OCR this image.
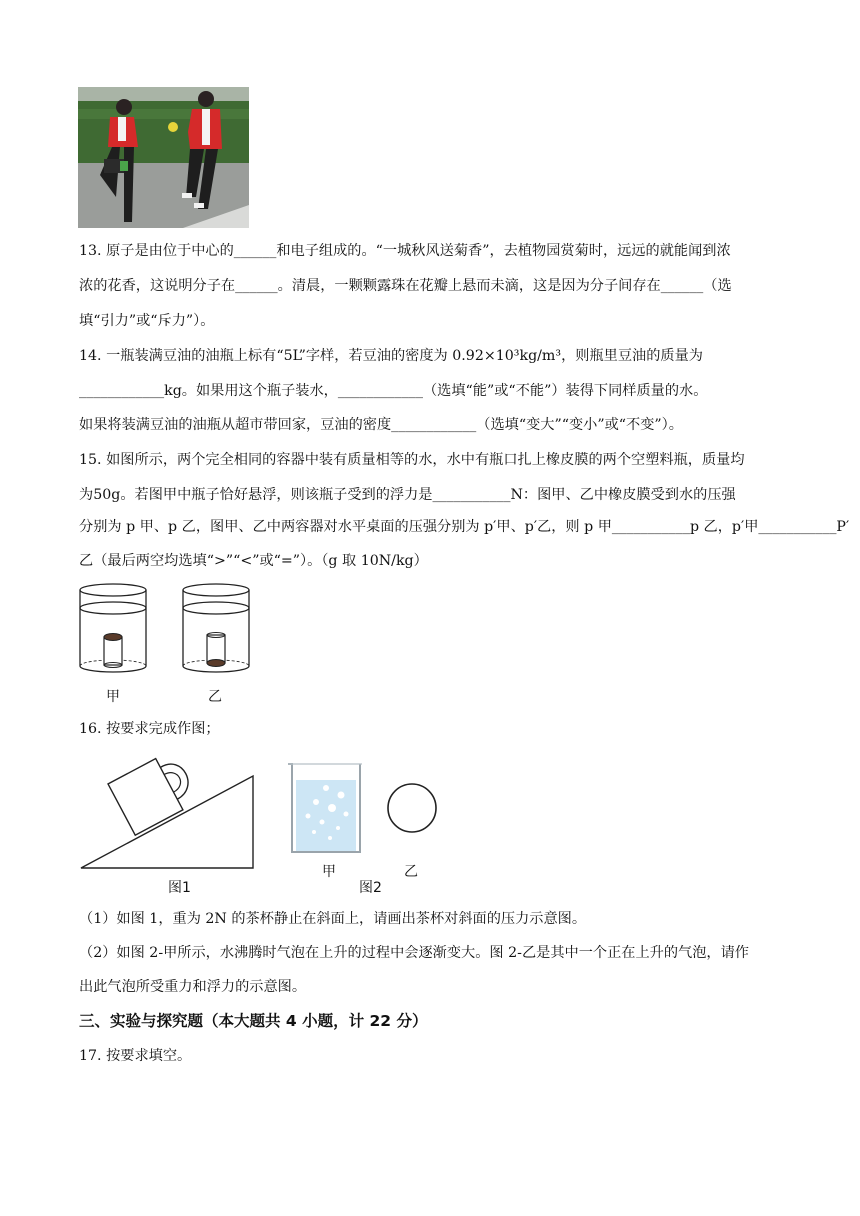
13. 原子是由位于中心的______和电子组成的。“一城秋风送菊香”，去植物园赏菊时，远远的就能闻到浓
浓的花香，这说明分子在______。清晨，一颗颗露珠在花瓣上悬而未滴，这是因为分子间存在______（选
填“引力”或“斥力”）。
14. 一瓶装满豆油的油瓶上标有“5L”字样，若豆油的密度为 0.92×10³kg/m³，则瓶里豆油的质量为
____________kg。如果用这个瓶子装水，____________（选填“能”或“不能”）装得下同样质量的水。
如果将装满豆油的油瓶从超市带回家，豆油的密度____________（选填“变大”“变小”或“不变”）。
15. 如图所示，两个完全相同的容器中装有质量相等的水，水中有瓶口扎上橡皮膜的两个空塑料瓶，质量均
为50g。若图甲中瓶子恰好悬浮，则该瓶子受到的浮力是___________N：图甲、乙中橡皮膜受到水的压强
分别为 p 甲、p 乙，图甲、乙中两容器对水平桌面的压强分别为 p′甲、p′乙，则 p 甲___________p 乙，p′甲___________P′
乙（最后两空均选填“>”“<”或“=”）。（g 取 10N/kg）
甲	乙
16. 按要求完成作图；
甲	乙
图1	图2
（1）如图 1，重为 2N 的茶杯静止在斜面上，请画出茶杯对斜面的压力示意图。
（2）如图 2-甲所示，水沸腾时气泡在上升的过程中会逐渐变大。图 2-乙是其中一个正在上升的气泡，请作
出此气泡所受重力和浮力的示意图。
三、实验与探究题（本大题共 4 小题，计 22 分）
17. 按要求填空。
